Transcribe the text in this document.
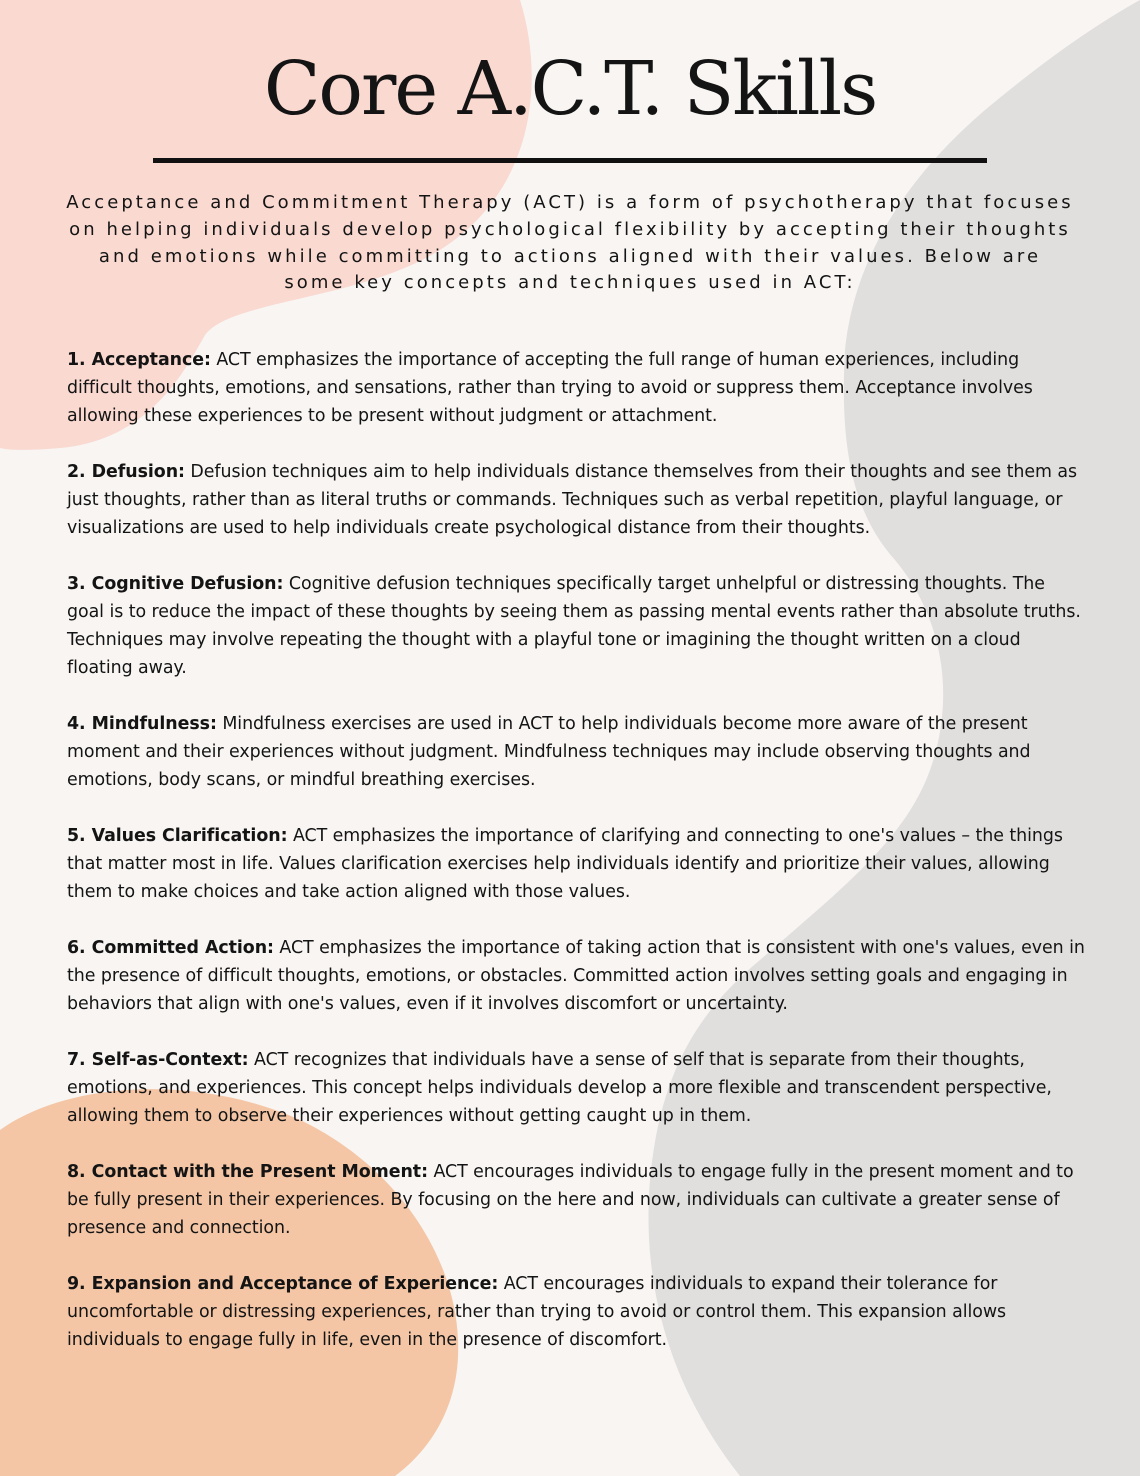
Core A.C.T. Skills

Acceptance and Commitment Therapy (ACT) is a form of psychotherapy that focuses on helping individuals develop psychological flexibility by accepting their thoughts and emotions while committing to actions aligned with their values. Below are some key concepts and techniques used in ACT:

1. Acceptance: ACT emphasizes the importance of accepting the full range of human experiences, including difficult thoughts, emotions, and sensations, rather than trying to avoid or suppress them. Acceptance involves allowing these experiences to be present without judgment or attachment.
2. Defusion: Defusion techniques aim to help individuals distance themselves from their thoughts and see them as just thoughts, rather than as literal truths or commands. Techniques such as verbal repetition, playful language, or visualizations are used to help individuals create psychological distance from their thoughts.
3. Cognitive Defusion: Cognitive defusion techniques specifically target unhelpful or distressing thoughts. The goal is to reduce the impact of these thoughts by seeing them as passing mental events rather than absolute truths. Techniques may involve repeating the thought with a playful tone or imagining the thought written on a cloud floating away.
4. Mindfulness: Mindfulness exercises are used in ACT to help individuals become more aware of the present moment and their experiences without judgment. Mindfulness techniques may include observing thoughts and emotions, body scans, or mindful breathing exercises.
5. Values Clarification: ACT emphasizes the importance of clarifying and connecting to one's values – the things that matter most in life. Values clarification exercises help individuals identify and prioritize their values, allowing them to make choices and take action aligned with those values.
6. Committed Action: ACT emphasizes the importance of taking action that is consistent with one's values, even in the presence of difficult thoughts, emotions, or obstacles. Committed action involves setting goals and engaging in behaviors that align with one's values, even if it involves discomfort or uncertainty.
7. Self-as-Context: ACT recognizes that individuals have a sense of self that is separate from their thoughts, emotions, and experiences. This concept helps individuals develop a more flexible and transcendent perspective, allowing them to observe their experiences without getting caught up in them.
8. Contact with the Present Moment: ACT encourages individuals to engage fully in the present moment and to be fully present in their experiences. By focusing on the here and now, individuals can cultivate a greater sense of presence and connection.
9. Expansion and Acceptance of Experience: ACT encourages individuals to expand their tolerance for uncomfortable or distressing experiences, rather than trying to avoid or control them. This expansion allows individuals to engage fully in life, even in the presence of discomfort.
